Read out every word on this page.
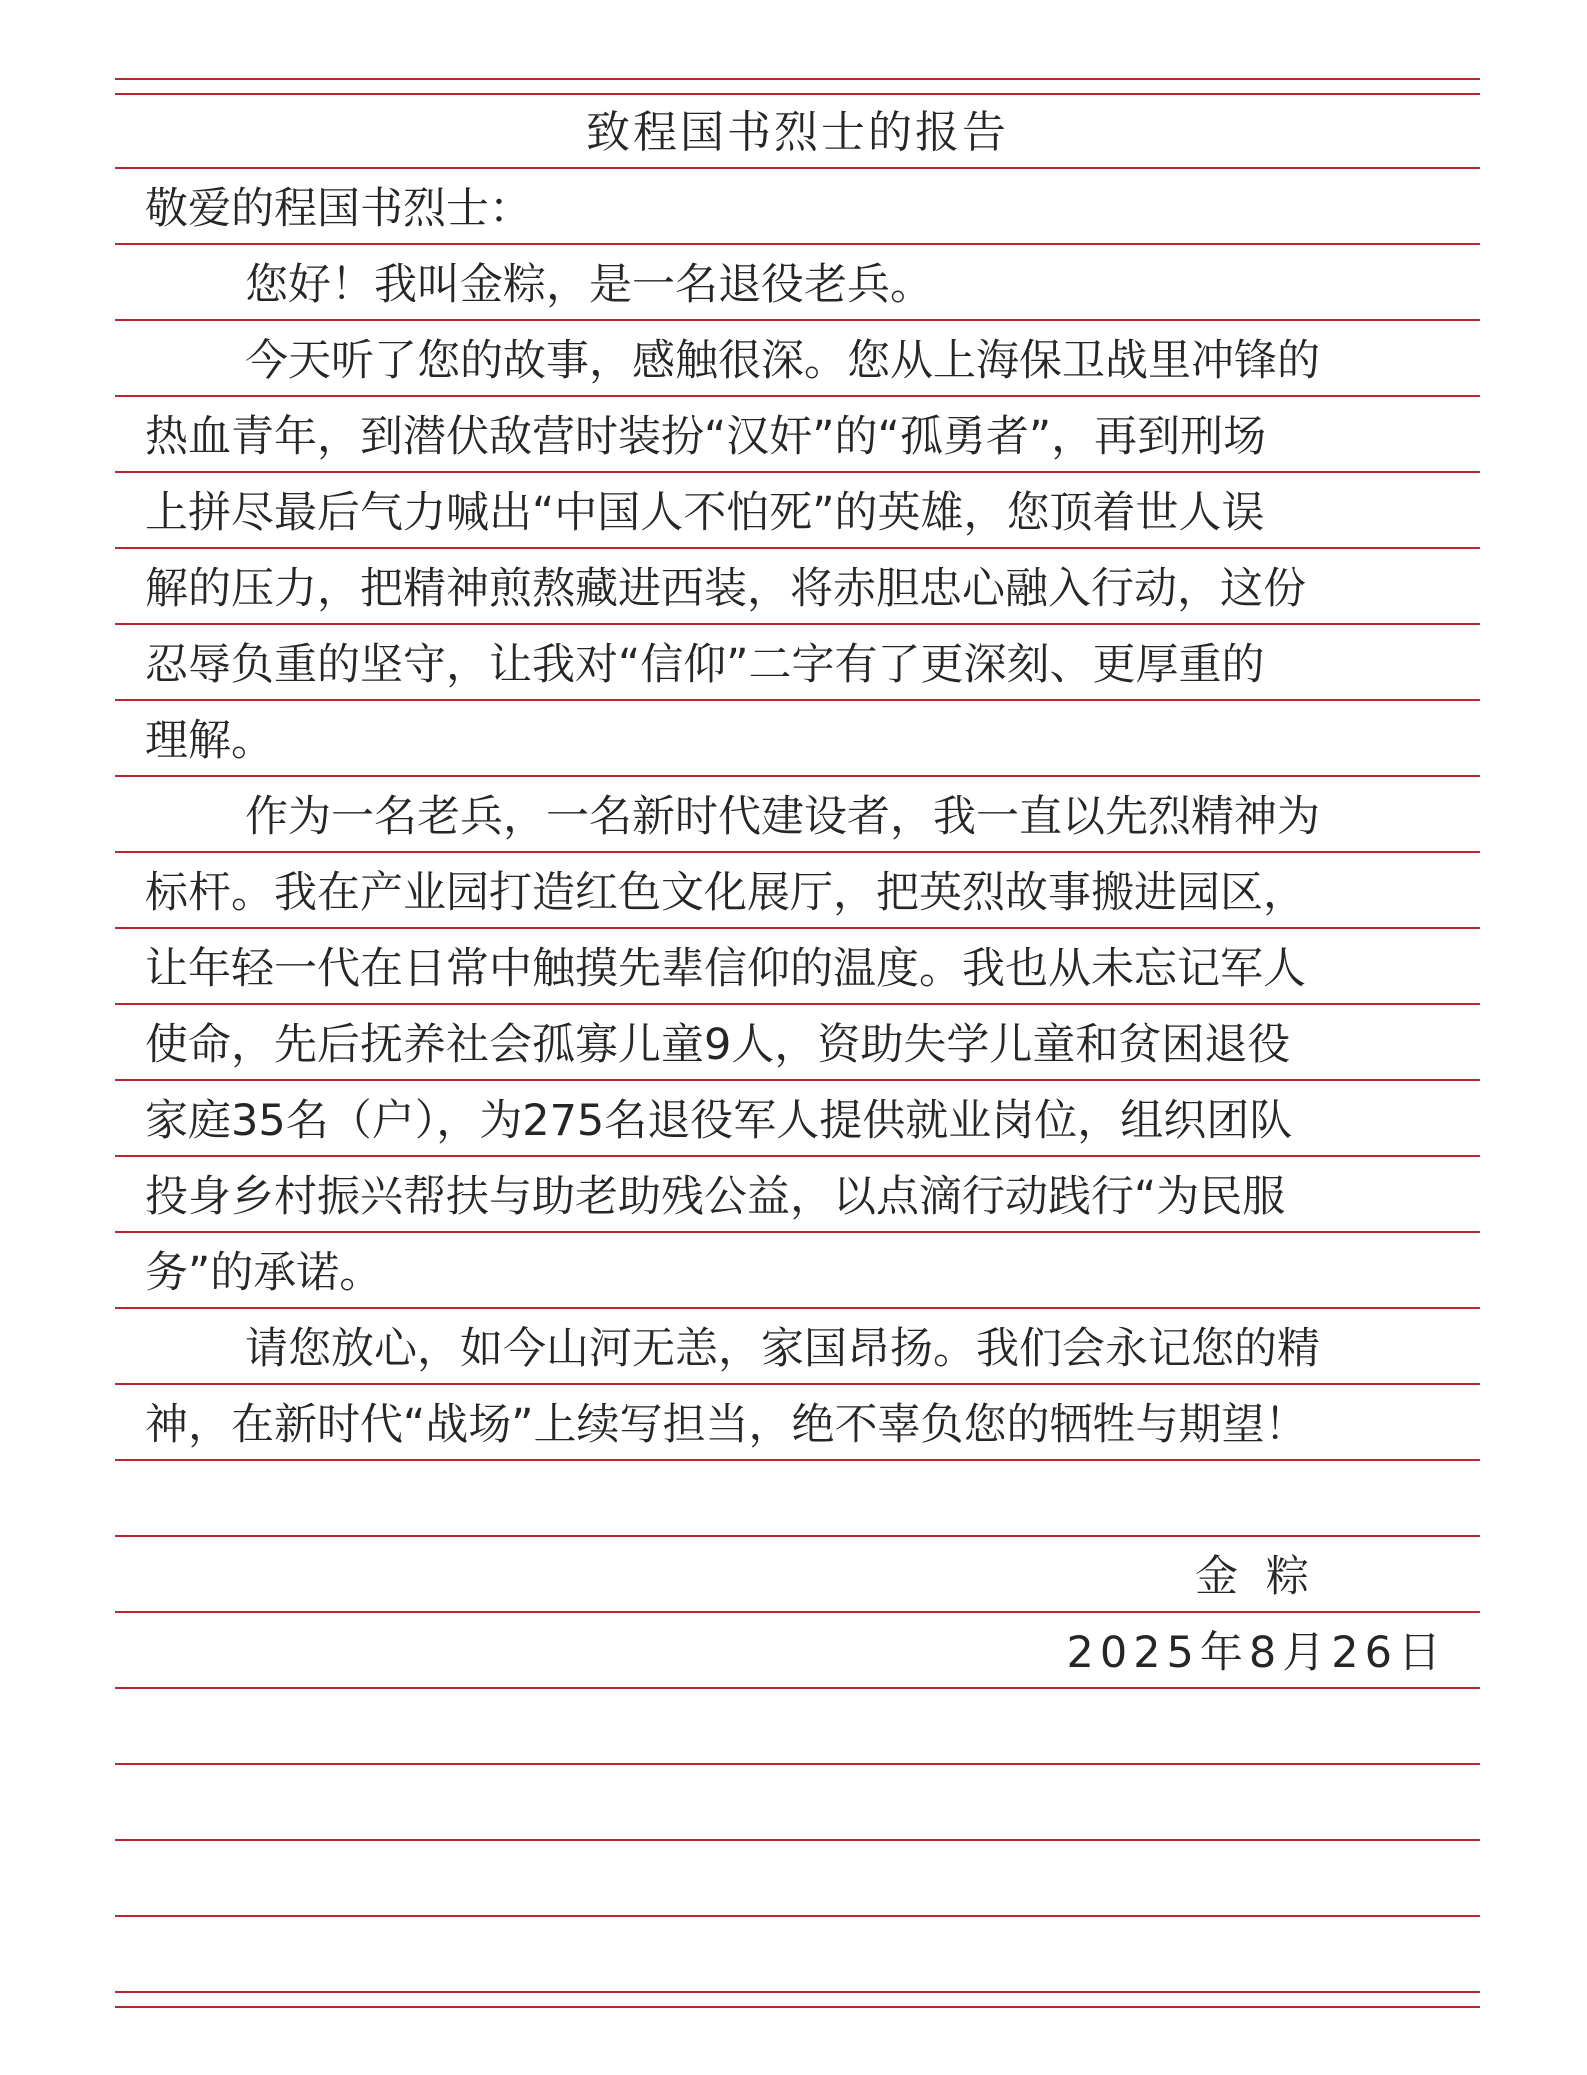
致程国书烈士的报告
敬爱的程国书烈士：
您好！我叫金粽，是一名退役老兵。
今天听了您的故事，感触很深。您从上海保卫战里冲锋的
热血青年，到潜伏敌营时装扮“汉奸”的“孤勇者”，再到刑场
上拼尽最后气力喊出“中国人不怕死”的英雄，您顶着世人误
解的压力，把精神煎熬藏进西装，将赤胆忠心融入行动，这份
忍辱负重的坚守，让我对“信仰”二字有了更深刻、更厚重的
理解。
作为一名老兵，一名新时代建设者，我一直以先烈精神为
标杆。我在产业园打造红色文化展厅，把英烈故事搬进园区，
让年轻一代在日常中触摸先辈信仰的温度。我也从未忘记军人
使命，先后抚养社会孤寡儿童9人，资助失学儿童和贫困退役
家庭35名（户），为275名退役军人提供就业岗位，组织团队
投身乡村振兴帮扶与助老助残公益，以点滴行动践行“为民服
务”的承诺。
请您放心，如今山河无恙，家国昂扬。我们会永记您的精
神，在新时代“战场”上续写担当，绝不辜负您的牺牲与期望！
金粽
2025年8月26日
